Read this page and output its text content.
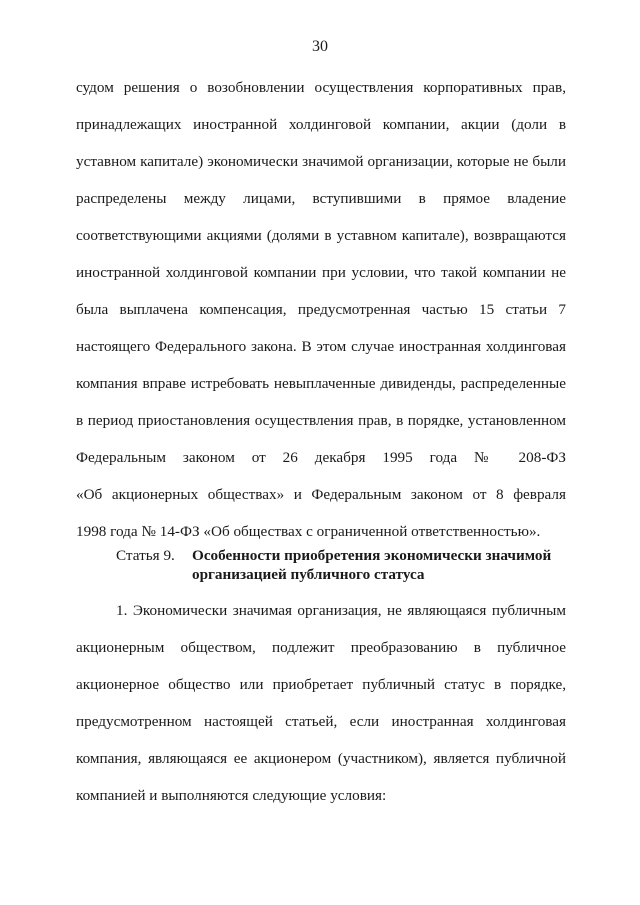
30
судом решения о возобновлении осуществления корпоративных прав,
принадлежащих иностранной холдинговой компании, акции (доли в
уставном капитале) экономически значимой организации, которые не были
распределены между лицами, вступившими в прямое владение
соответствующими акциями (долями в уставном капитале), возвращаются
иностранной холдинговой компании при условии, что такой компании не
была выплачена компенсация, предусмотренная частью 15 статьи 7
настоящего Федерального закона. В этом случае иностранная холдинговая
компания вправе истребовать невыплаченные дивиденды, распределенные
в период приостановления осуществления прав, в порядке, установленном
Федеральным законом от 26 декабря 1995 года № 208-ФЗ
«Об акционерных обществах» и Федеральным законом от 8 февраля
1998 года № 14-ФЗ «Об обществах с ограниченной ответственностью».
Статья 9.	Особенности приобретения экономически значимой
организацией публичного статуса
1. Экономически значимая организация, не являющаяся публичным
акционерным обществом, подлежит преобразованию в публичное
акционерное общество или приобретает публичный статус в порядке,
предусмотренном настоящей статьей, если иностранная холдинговая
компания, являющаяся ее акционером (участником), является публичной
компанией и выполняются следующие условия:
